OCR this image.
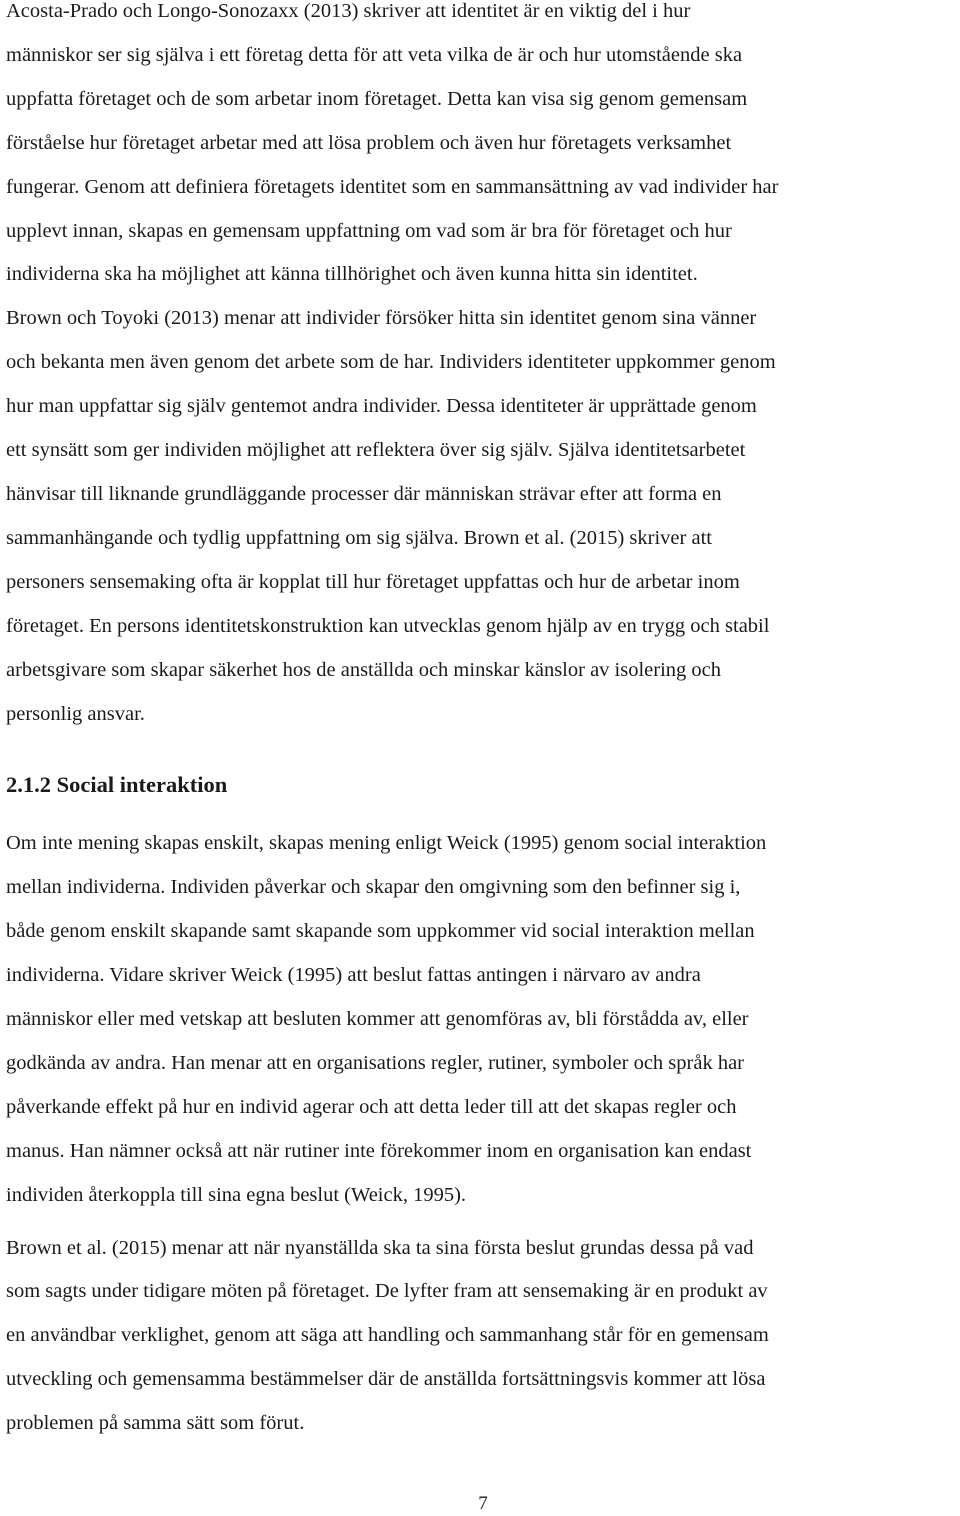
Acosta-Prado och Longo-Sonozaxx (2013) skriver att identitet är en viktig del i hur
människor ser sig själva i ett företag detta för att veta vilka de är och hur utomstående ska
uppfatta företaget och de som arbetar inom företaget. Detta kan visa sig genom gemensam
förståelse hur företaget arbetar med att lösa problem och även hur företagets verksamhet
fungerar. Genom att definiera företagets identitet som en sammansättning av vad individer har
upplevt innan, skapas en gemensam uppfattning om vad som är bra för företaget och hur
individerna ska ha möjlighet att känna tillhörighet och även kunna hitta sin identitet.

Brown och Toyoki (2013) menar att individer försöker hitta sin identitet genom sina vänner
och bekanta men även genom det arbete som de har. Individers identiteter uppkommer genom
hur man uppfattar sig själv gentemot andra individer. Dessa identiteter är upprättade genom
ett synsätt som ger individen möjlighet att reflektera över sig själv. Själva identitetsarbetet
hänvisar till liknande grundläggande processer där människan strävar efter att forma en
sammanhängande och tydlig uppfattning om sig själva. Brown et al. (2015) skriver att
personers sensemaking ofta är kopplat till hur företaget uppfattas och hur de arbetar inom
företaget. En persons identitetskonstruktion kan utvecklas genom hjälp av en trygg och stabil
arbetsgivare som skapar säkerhet hos de anställda och minskar känslor av isolering och
personlig ansvar.

2.1.2 Social interaktion

Om inte mening skapas enskilt, skapas mening enligt Weick (1995) genom social interaktion
mellan individerna. Individen påverkar och skapar den omgivning som den befinner sig i,
både genom enskilt skapande samt skapande som uppkommer vid social interaktion mellan
individerna. Vidare skriver Weick (1995) att beslut fattas antingen i närvaro av andra
människor eller med vetskap att besluten kommer att genomföras av, bli förstådda av, eller
godkända av andra. Han menar att en organisations regler, rutiner, symboler och språk har
påverkande effekt på hur en individ agerar och att detta leder till att det skapas regler och
manus. Han nämner också att när rutiner inte förekommer inom en organisation kan endast
individen återkoppla till sina egna beslut (Weick, 1995).

Brown et al. (2015) menar att när nyanställda ska ta sina första beslut grundas dessa på vad
som sagts under tidigare möten på företaget. De lyfter fram att sensemaking är en produkt av
en användbar verklighet, genom att säga att handling och sammanhang står för en gemensam
utveckling och gemensamma bestämmelser där de anställda fortsättningsvis kommer att lösa
problemen på samma sätt som förut.

7
